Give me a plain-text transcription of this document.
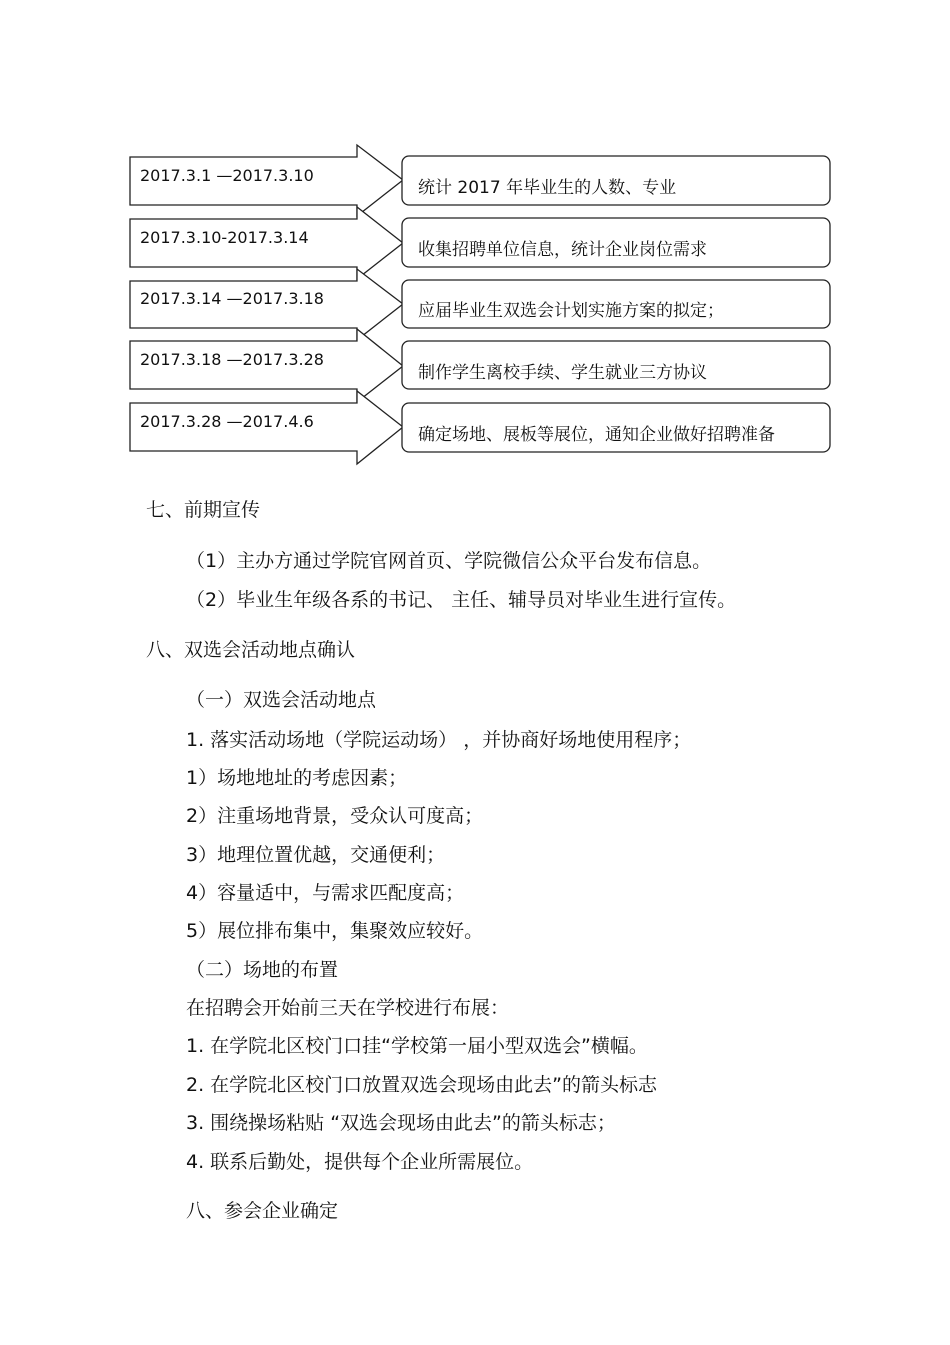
2017.3.1 —2017.3.10
2017.3.10-2017.3.14
2017.3.14 —2017.3.18
2017.3.18 —2017.3.28
2017.3.28 —2017.4.6
统计 2017 年毕业生的人数、专业
收集招聘单位信息，统计企业岗位需求
应届毕业生双选会计划实施方案的拟定；
制作学生离校手续、学生就业三方协议
确定场地、展板等展位，通知企业做好招聘准备
七、前期宣传
（1）主办方通过学院官网首页、学院微信公众平台发布信息。
（2）毕业生年级各系的书记、 主任、辅导员对毕业生进行宣传。
八、双选会活动地点确认
（一）双选会活动地点
1. 落实活动场地（学院运动场） ，并协商好场地使用程序；
1）场地地址的考虑因素；
2）注重场地背景，受众认可度高；
3）地理位置优越，交通便利；
4）容量适中，与需求匹配度高；
5）展位排布集中，集聚效应较好。
（二）场地的布置
在招聘会开始前三天在学校进行布展：
1. 在学院北区校门口挂“学校第一届小型双选会”横幅。
2. 在学院北区校门口放置双选会现场由此去”的箭头标志
3. 围绕操场粘贴 “双选会现场由此去”的箭头标志；
4. 联系后勤处，提供每个企业所需展位。
八、参会企业确定
